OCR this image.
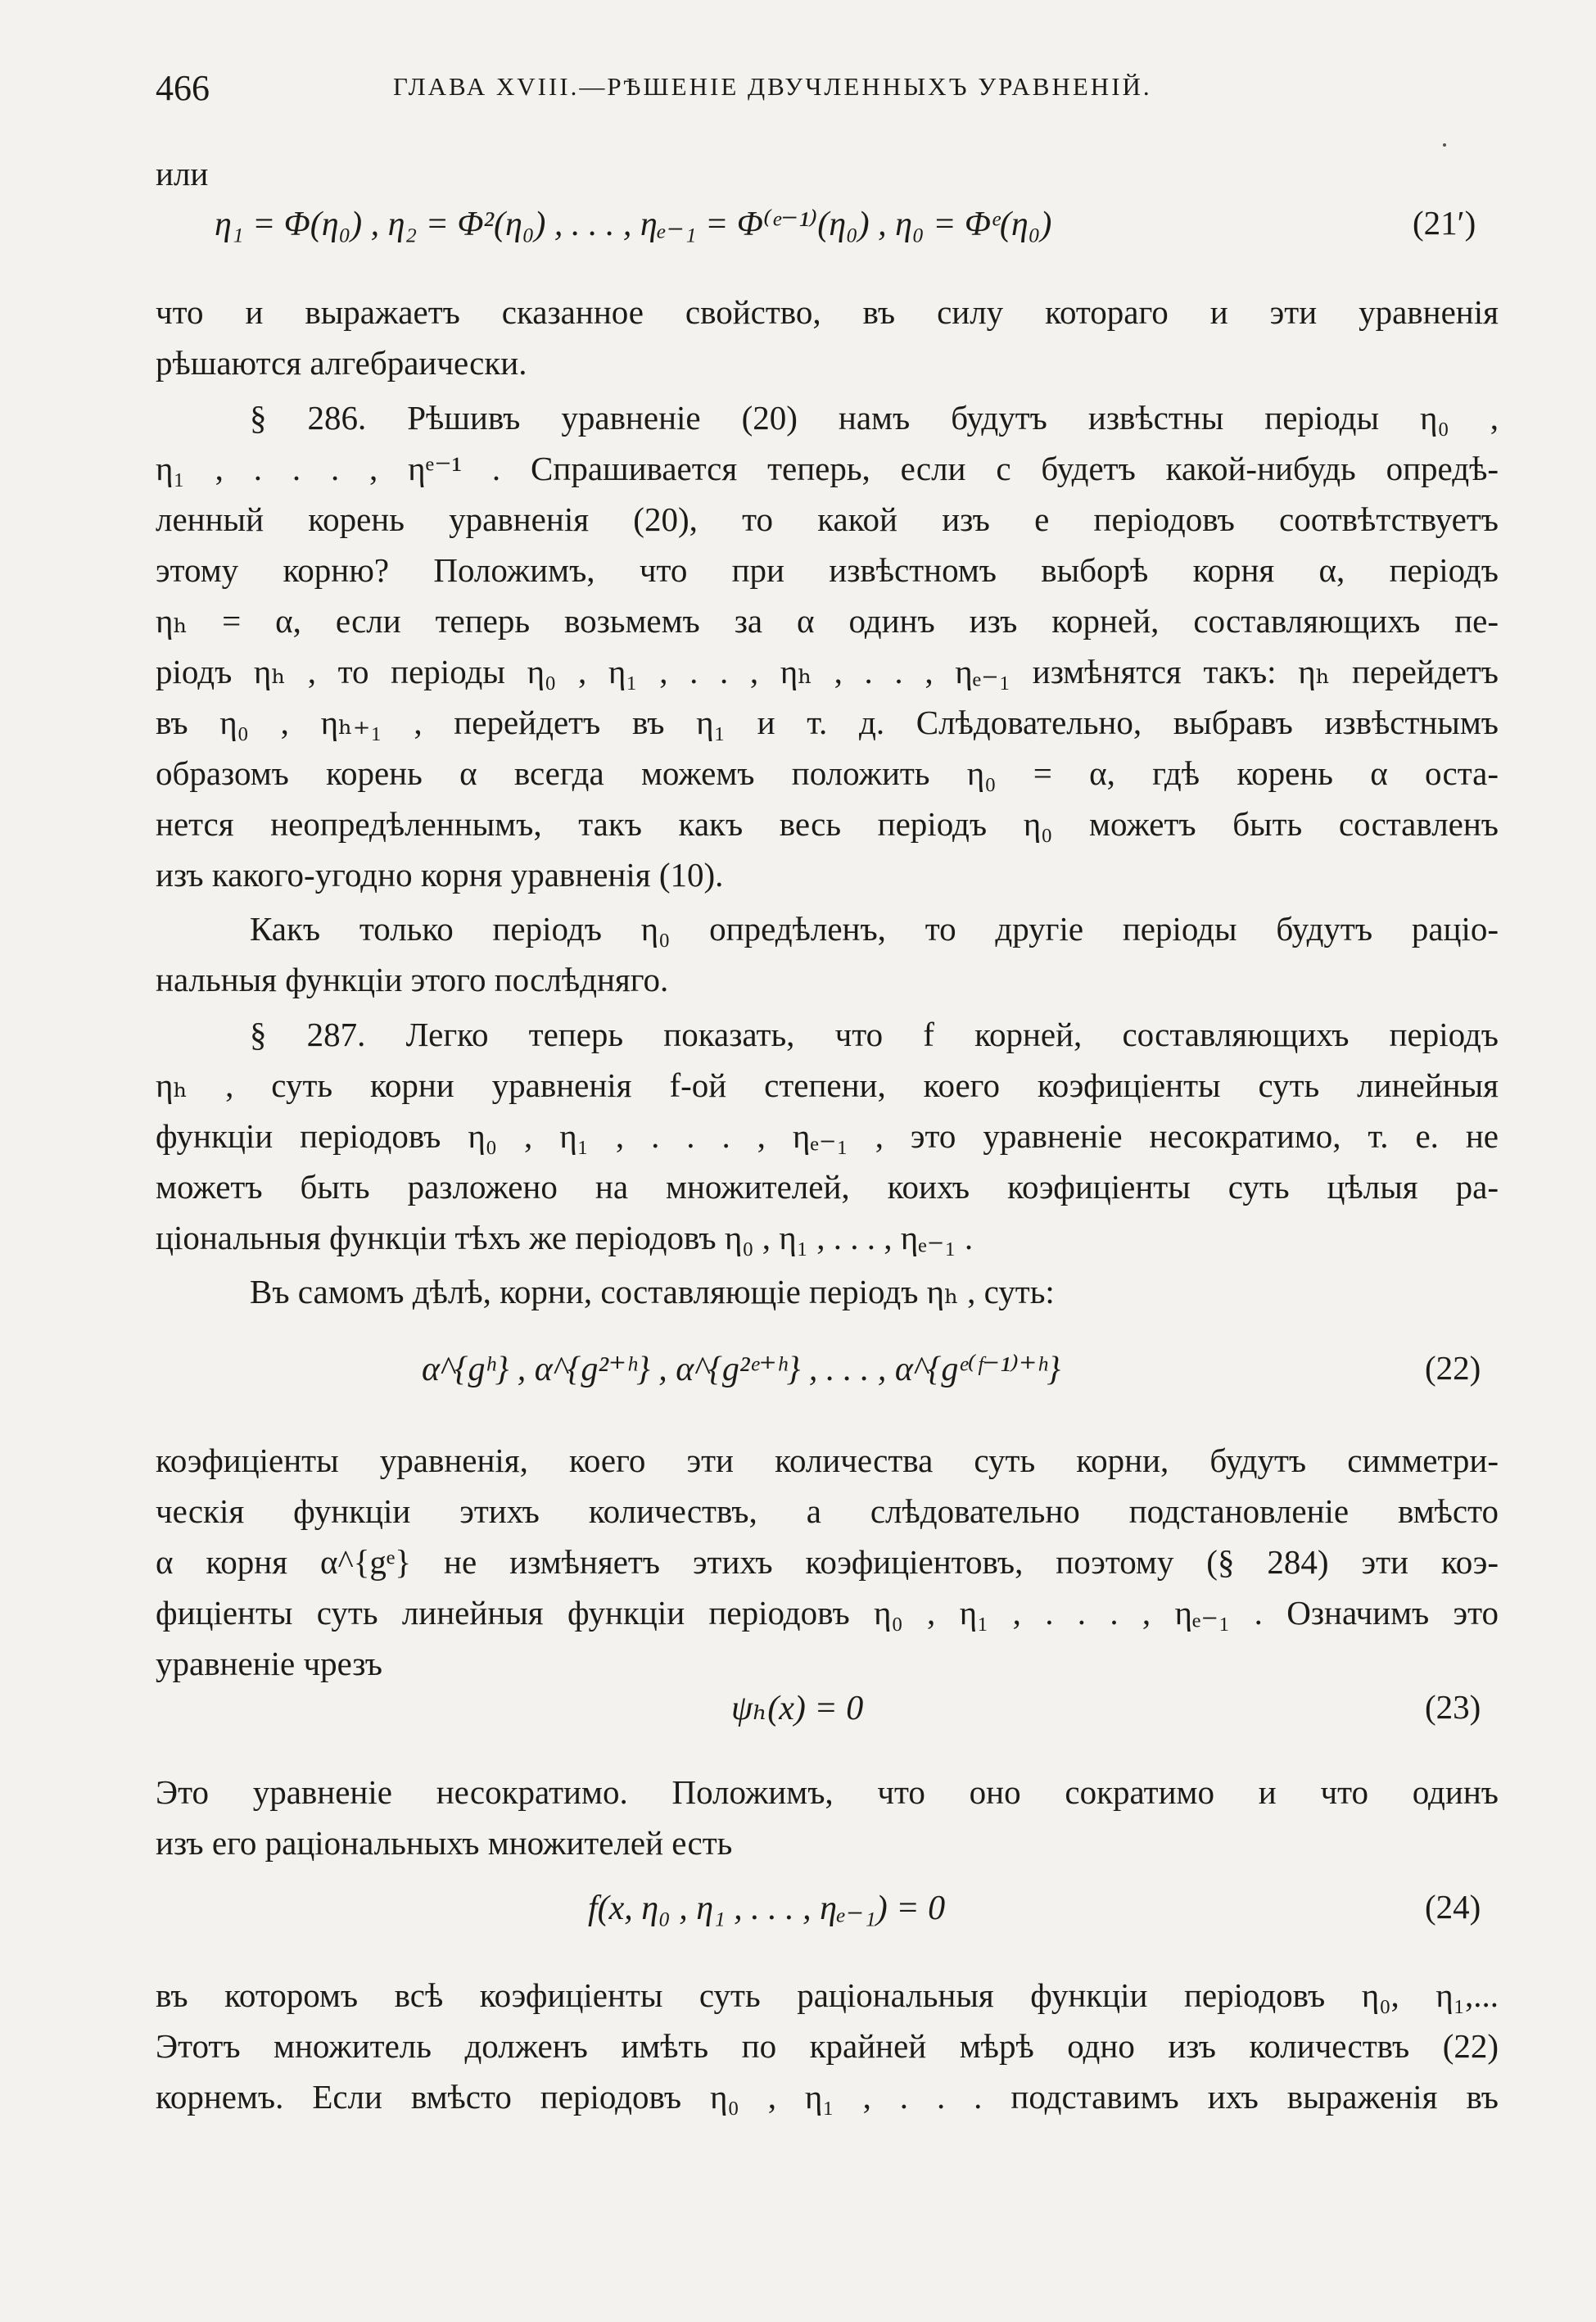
466	ГЛАВА XVIII.—РѢШЕНІЕ ДВУЧЛЕННЫХЪ УРАВНЕНІЙ.
или
η₁ = Φ(η₀) , η₂ = Φ²(η₀) , . . . , ηₑ₋₁ = Φ⁽ᵉ⁻¹⁾(η₀) , η₀ = Φᵉ(η₀)	(21′)
что и выражаетъ сказанное свойство, въ силу котораго и эти уравненія
рѣшаются алгебраически.
§ 286. Рѣшивъ уравненіе (20) намъ будутъ извѣстны періоды η₀ ,
η₁ , . . . , ηᵉ⁻¹ . Спрашивается теперь, если c будетъ какой-нибудь опредѣ-
ленный корень уравненія (20), то какой изъ e періодовъ соотвѣтствуетъ
этому корню? Положимъ, что при извѣстномъ выборѣ корня α, періодъ
ηₕ = α, если теперь возьмемъ за α одинъ изъ корней, составляющихъ пе-
ріодъ ηₕ , то періоды η₀ , η₁ , . . , ηₕ , . . , ηₑ₋₁ измѣнятся такъ: ηₕ перейдетъ
въ η₀ , ηₕ₊₁ , перейдетъ въ η₁ и т. д. Слѣдовательно, выбравъ извѣстнымъ
образомъ корень α всегда можемъ положить η₀ = α, гдѣ корень α оста-
нется неопредѣленнымъ, такъ какъ весь періодъ η₀ можетъ быть составленъ
изъ какого-угодно корня уравненія (10).
Какъ только періодъ η₀ опредѣленъ, то другіе періоды будутъ раціо-
нальныя функціи этого послѣдняго.
§ 287. Легко теперь показать, что f корней, составляющихъ періодъ
ηₕ , суть корни уравненія f-ой степени, коего коэфиціенты суть линейныя
функціи періодовъ η₀ , η₁ , . . . , ηₑ₋₁ , это уравненіе несократимо, т. е. не
можетъ быть разложено на множителей, коихъ коэфиціенты суть цѣлыя ра-
ціональныя функціи тѣхъ же періодовъ η₀ , η₁ , . . . , ηₑ₋₁ .
Въ самомъ дѣлѣ, корни, составляющіе періодъ ηₕ , суть:
α^{gʰ} , α^{g²⁺ʰ} , α^{g²ᵉ⁺ʰ} , . . . , α^{gᵉ⁽ᶠ⁻¹⁾⁺ʰ}	(22)
коэфиціенты уравненія, коего эти количества суть корни, будутъ симметри-
ческія функціи этихъ количествъ, а слѣдовательно подстановленіе вмѣсто
α корня α^{gᵉ} не измѣняетъ этихъ коэфиціентовъ, поэтому (§ 284) эти коэ-
фиціенты суть линейныя функціи періодовъ η₀ , η₁ , . . . , ηₑ₋₁ . Означимъ это
уравненіе чрезъ
ψₕ(x) = 0	(23)
Это уравненіе несократимо. Положимъ, что оно сократимо и что одинъ
изъ его раціональныхъ множителей есть
f(x, η₀ , η₁ , . . . , ηₑ₋₁) = 0	(24)
въ которомъ всѣ коэфиціенты суть раціональныя функціи періодовъ η₀, η₁,...
Этотъ множитель долженъ имѣть по крайней мѣрѣ одно изъ количествъ (22)
корнемъ. Если вмѣсто періодовъ η₀ , η₁ , . . . подставимъ ихъ выраженія въ
